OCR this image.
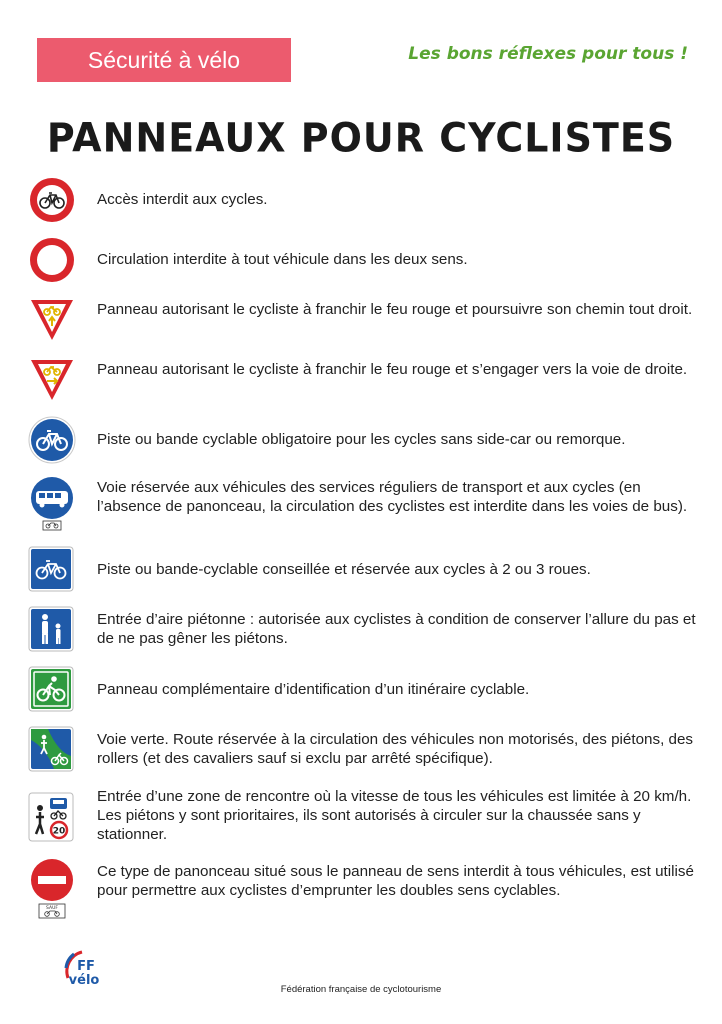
Sécurité à vélo	Les bons réflexes pour tous !
PANNEAUX POUR CYCLISTES
Accès interdit aux cycles.
Circulation interdite à tout véhicule dans les deux sens.
Panneau autorisant le cycliste à franchir le feu rouge et poursuivre son chemin tout droit.
Panneau autorisant le cycliste à franchir le feu rouge et s’engager vers la voie de droite.
Piste ou bande cyclable obligatoire pour les cycles sans side-car ou remorque.
Voie réservée aux véhicules des services réguliers de transport et aux cycles (en l’absence de panonceau, la circulation des cyclistes est interdite dans les voies de bus).
Piste ou bande-cyclable conseillée et réservée aux cycles à 2 ou 3 roues.
Entrée d’aire piétonne : autorisée aux cyclistes à condition de conserver l’allure du pas et de ne pas gêner les piétons.
Panneau complémentaire d’identification d’un itinéraire cyclable.
Voie verte. Route réservée à la circulation des véhicules non motorisés, des piétons, des rollers (et des cavaliers sauf si exclu par arrêté spécifique).
20
Entrée d’une zone de rencontre où la vitesse de tous les véhicules est limitée à 20 km/h. Les piétons y sont prioritaires, ils sont autorisés à circuler sur la chaussée sans y stationner.
SAUF
Ce type de panonceau situé sous le panneau de sens interdit à tous véhicules, est utilisé pour permettre aux cyclistes d’emprunter les doubles sens cyclables.
FF
vélo
Fédération française de cyclotourisme
